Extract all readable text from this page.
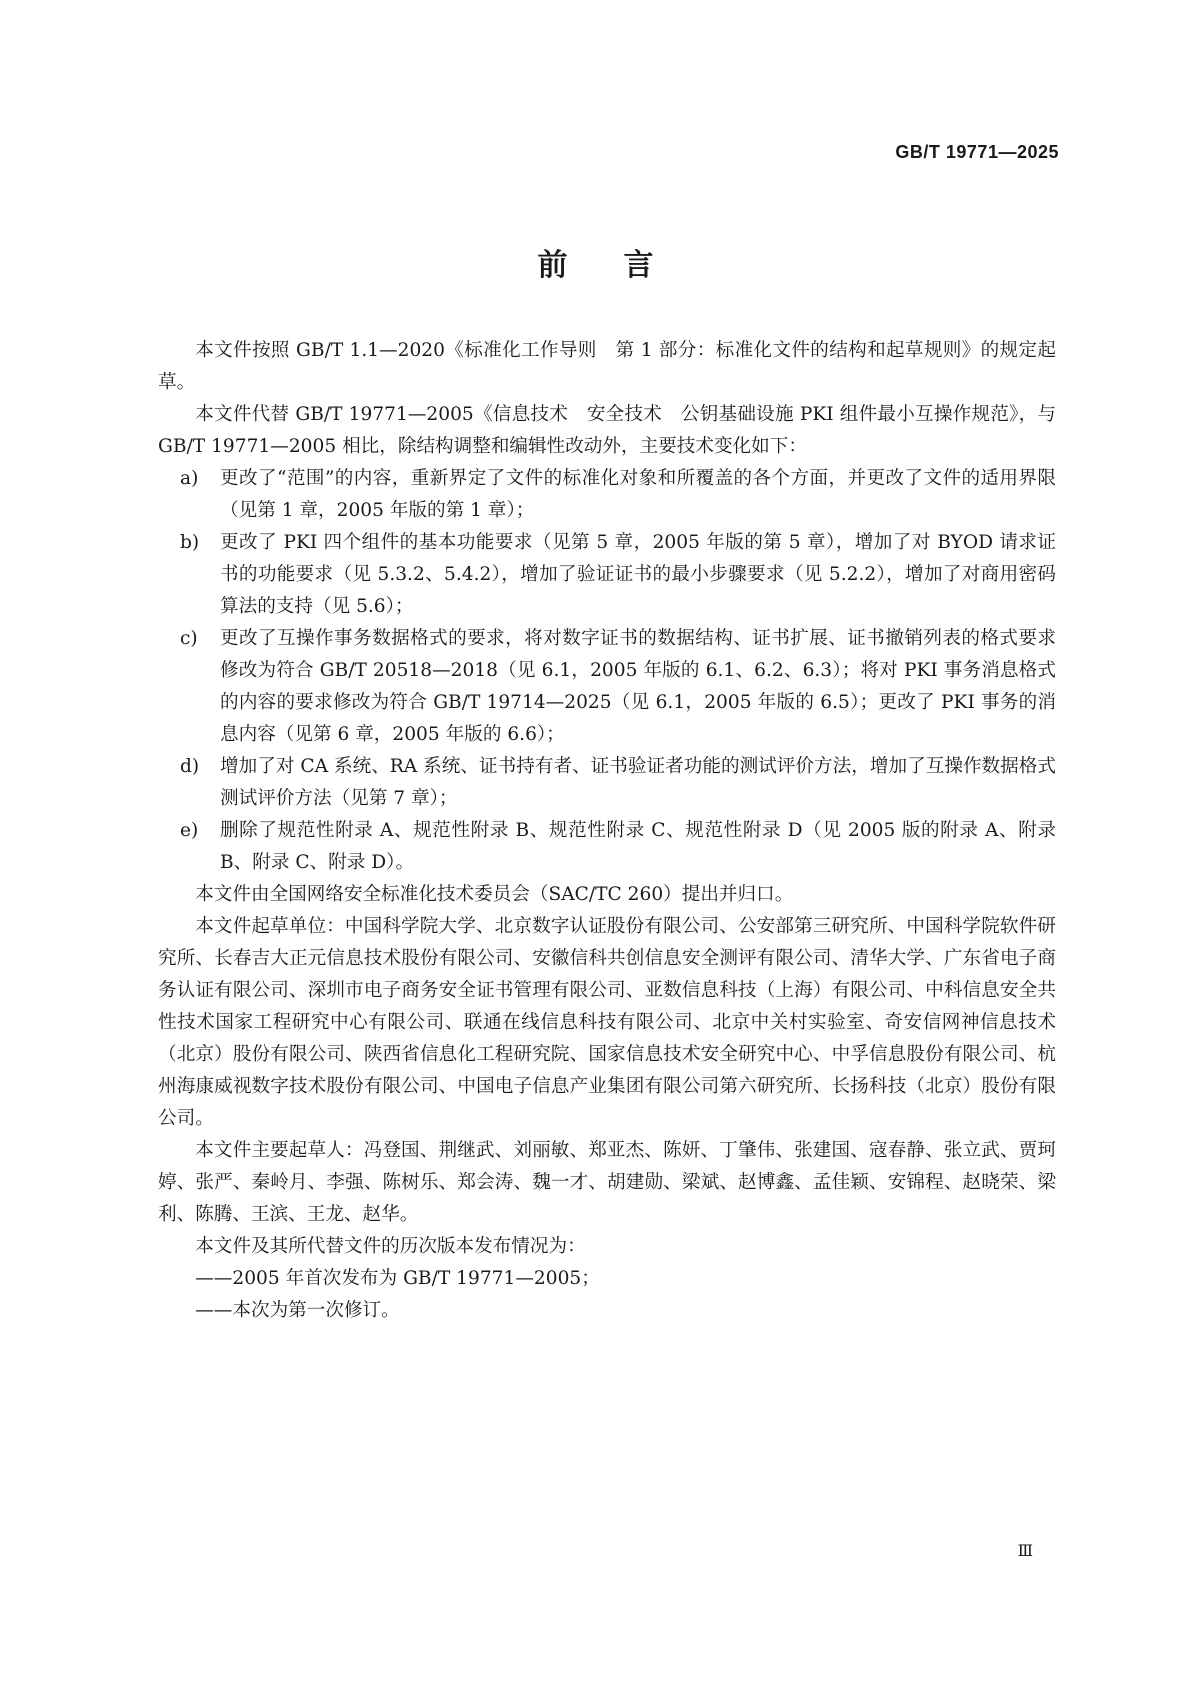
GB/T 19771—2025
前言

本文件按照 GB/T 1.1—2020《标准化工作导则　第 1 部分：标准化文件的结构和起草规则》的规定起草。

本文件代替 GB/T 19771—2005《信息技术　安全技术　公钥基础设施 PKI 组件最小互操作规范》，与 GB/T 19771—2005 相比，除结构调整和编辑性改动外，主要技术变化如下：

a)	更改了“范围”的内容，重新界定了文件的标准化对象和所覆盖的各个方面，并更改了文件的适用界限（见第 1 章，2005 年版的第 1 章）；
b)	更改了 PKI 四个组件的基本功能要求（见第 5 章，2005 年版的第 5 章），增加了对 BYOD 请求证书的功能要求（见 5.3.2、5.4.2），增加了验证证书的最小步骤要求（见 5.2.2），增加了对商用密码算法的支持（见 5.6）；
c)	更改了互操作事务数据格式的要求，将对数字证书的数据结构、证书扩展、证书撤销列表的格式要求修改为符合 GB/T 20518—2018（见 6.1，2005 年版的 6.1、6.2、6.3）；将对 PKI 事务消息格式的内容的要求修改为符合 GB/T 19714—2025（见 6.1，2005 年版的 6.5）；更改了 PKI 事务的消息内容（见第 6 章，2005 年版的 6.6）；
d)	增加了对 CA 系统、RA 系统、证书持有者、证书验证者功能的测试评价方法，增加了互操作数据格式测试评价方法（见第 7 章）；
e)	删除了规范性附录 A、规范性附录 B、规范性附录 C、规范性附录 D（见 2005 版的附录 A、附录 B、附录 C、附录 D）。

本文件由全国网络安全标准化技术委员会（SAC/TC 260）提出并归口。

本文件起草单位：中国科学院大学、北京数字认证股份有限公司、公安部第三研究所、中国科学院软件研究所、长春吉大正元信息技术股份有限公司、安徽信科共创信息安全测评有限公司、清华大学、广东省电子商务认证有限公司、深圳市电子商务安全证书管理有限公司、亚数信息科技（上海）有限公司、中科信息安全共性技术国家工程研究中心有限公司、联通在线信息科技有限公司、北京中关村实验室、奇安信网神信息技术（北京）股份有限公司、陕西省信息化工程研究院、国家信息技术安全研究中心、中孚信息股份有限公司、杭州海康威视数字技术股份有限公司、中国电子信息产业集团有限公司第六研究所、长扬科技（北京）股份有限公司。

本文件主要起草人：冯登国、荆继武、刘丽敏、郑亚杰、陈妍、丁肇伟、张建国、寇春静、张立武、贾珂婷、张严、秦岭月、李强、陈树乐、郑会涛、魏一才、胡建勋、梁斌、赵博鑫、孟佳颖、安锦程、赵晓荣、梁利、陈腾、王滨、王龙、赵华。

本文件及其所代替文件的历次版本发布情况为：

——2005 年首次发布为 GB/T 19771—2005；

——本次为第一次修订。

Ⅲ
